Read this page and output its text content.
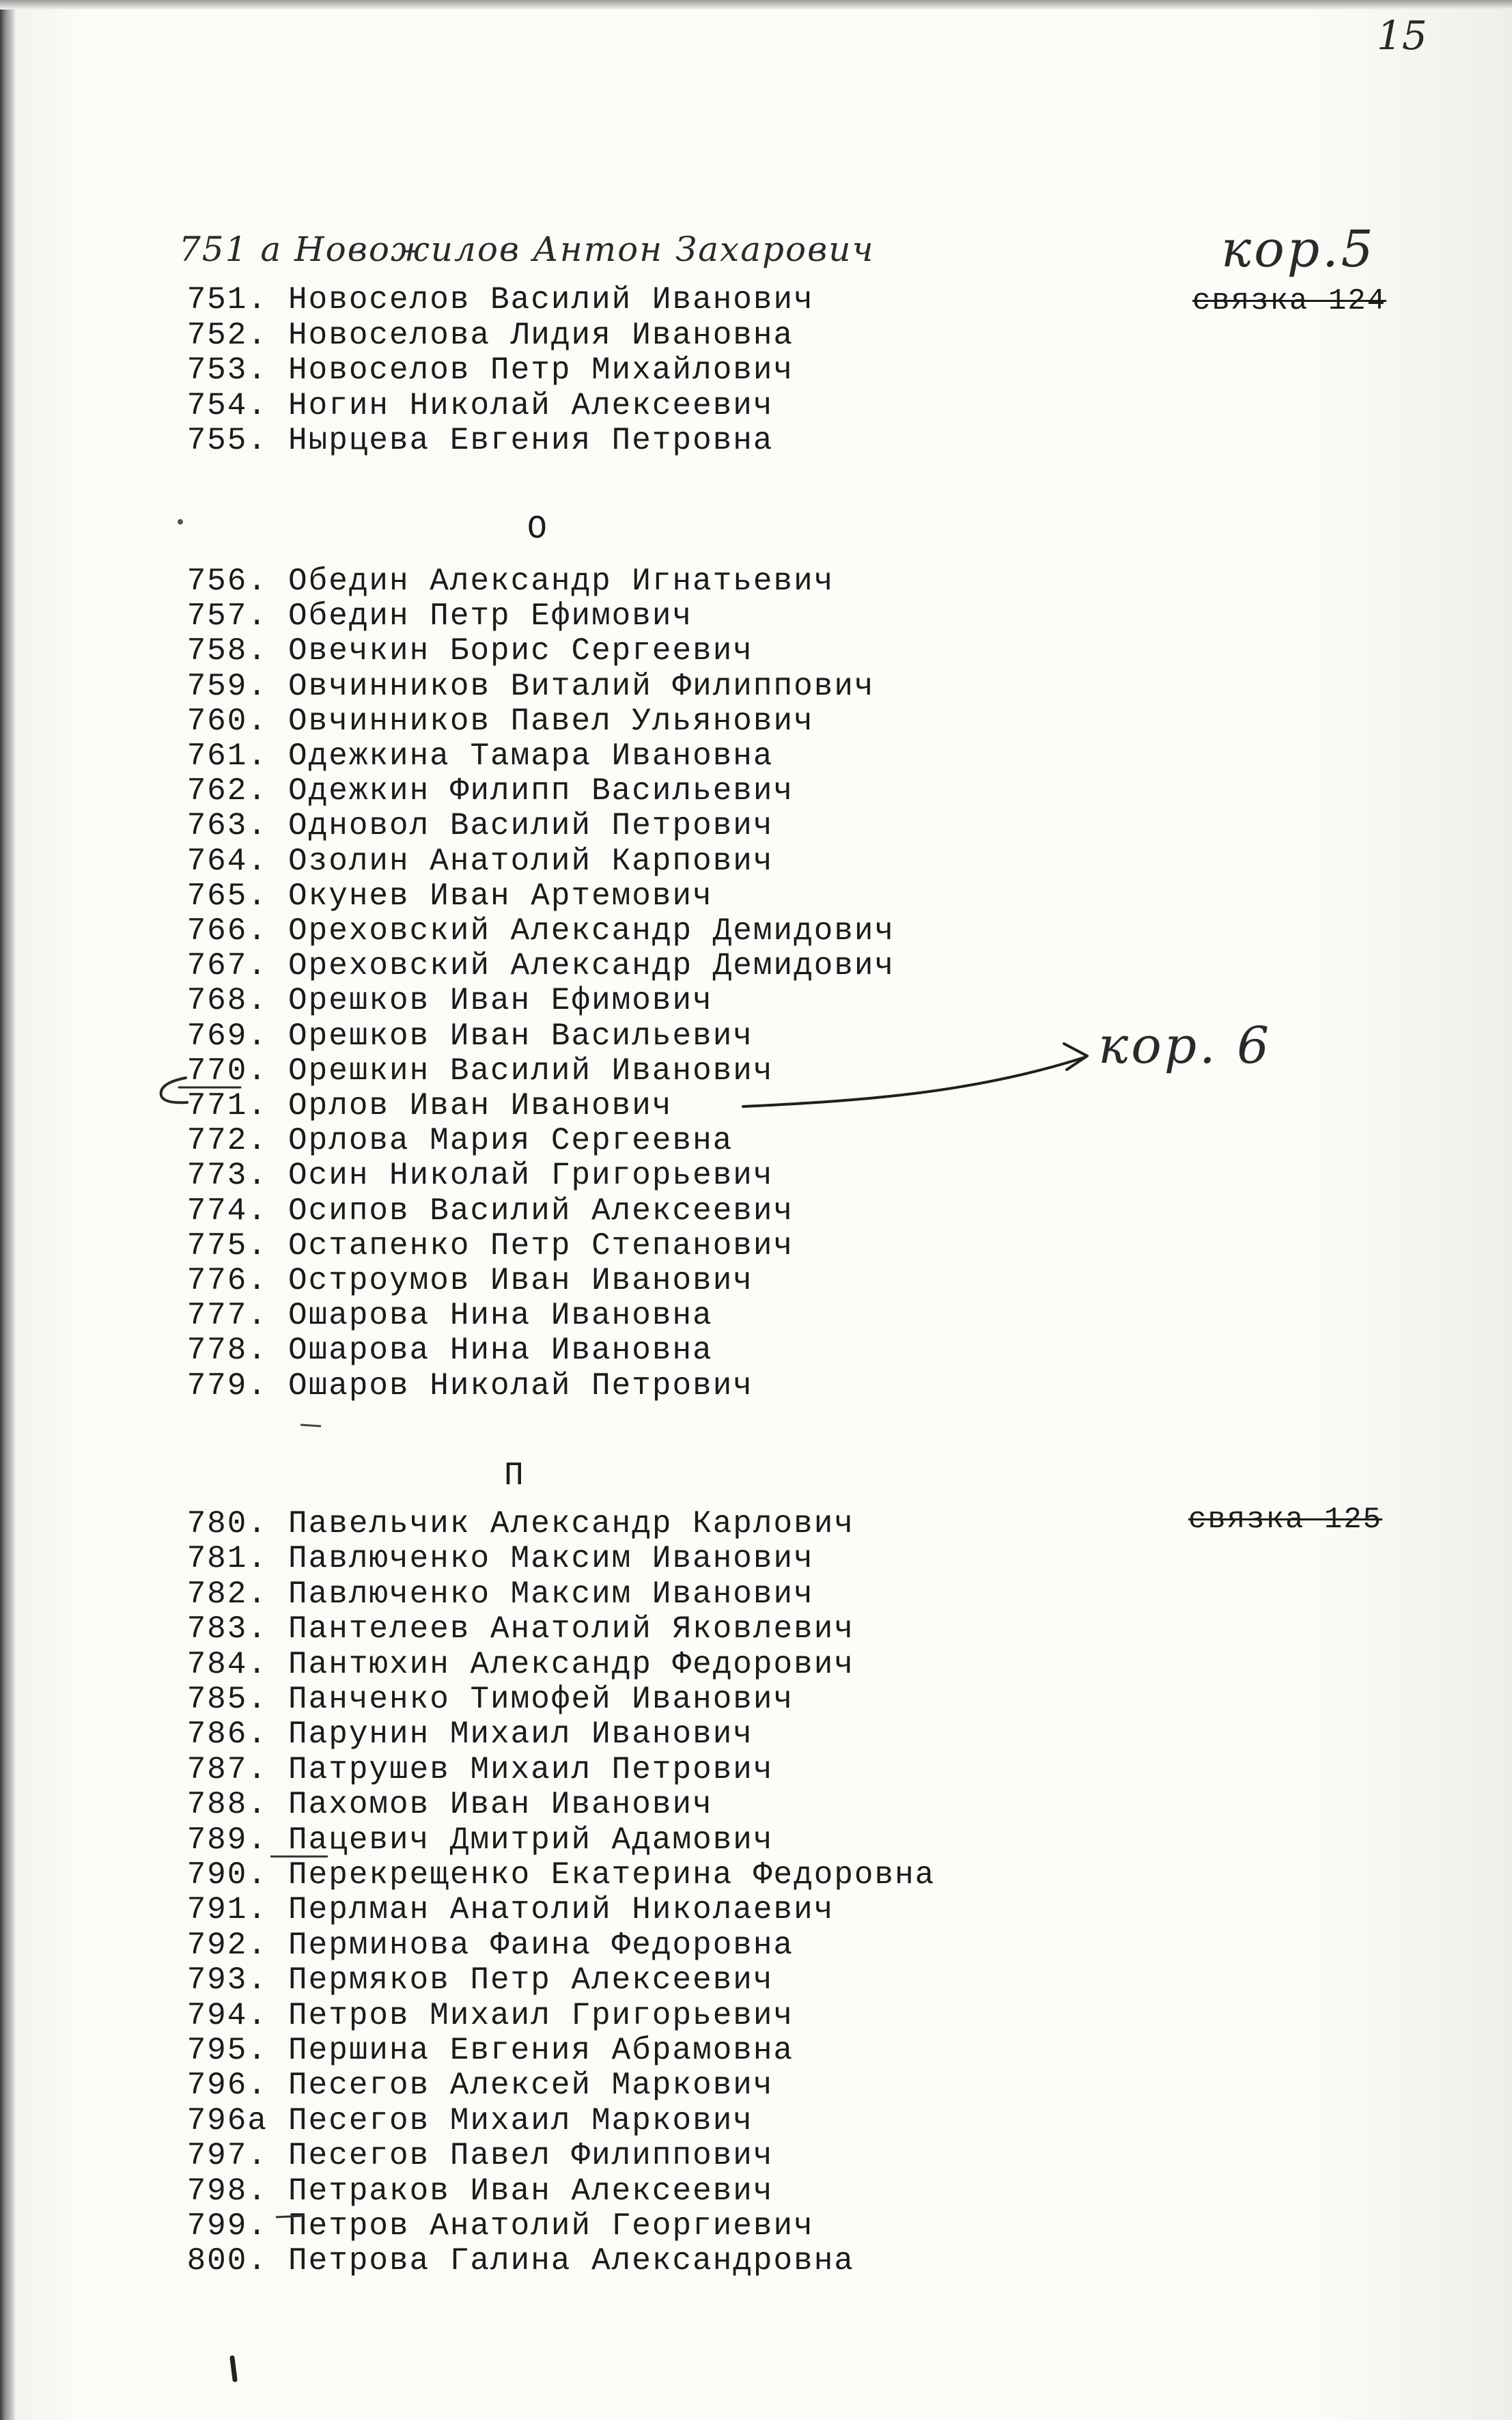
15
751 а Новожилов Антон Захарович	кор.5
кор. 6
связка 124
связка 125
О
П
751. Новоселов Василий Иванович
752. Новоселова Лидия Ивановна
753. Новоселов Петр Михайлович
754. Ногин Николай Алексеевич
755. Ныpцева Евгения Петровна
756. Обедин Александр Игнатьевич
757. Обедин Петр Ефимович
758. Овечкин Борис Сергеевич
759. Овчинников Виталий Филиппович
760. Овчинников Павел Ульянович
761. Одежкина Тамара Ивановна
762. Одежкин Филипп Васильевич
763. Одновол Василий Петрович
764. Озолин Анатолий Карпович
765. Окунев Иван Артемович
766. Ореховский Александр Демидович
767. Ореховский Александр Демидович
768. Орешков Иван Ефимович
769. Орешков Иван Васильевич
770. Орешкин Василий Иванович
771. Орлов Иван Иванович
772. Орлова Мария Сергеевна
773. Осин Николай Григорьевич
774. Осипов Василий Алексеевич
775. Остапенко Петр Степанович
776. Остроумов Иван Иванович
777. Ошарова Нина Ивановна
778. Ошарова Нина Ивановна
779. Ошаров Николай Петрович
780. Павельчик Александр Карлович
781. Павлюченко Максим Иванович
782. Павлюченко Максим Иванович
783. Пантелеев Анатолий Яковлевич
784. Пантюхин Александр Федорович
785. Панченко Тимофей Иванович
786. Парунин Михаил Иванович
787. Патрушев Михаил Петрович
788. Пахомов Иван Иванович
789. Пацевич Дмитрий Адамович
790. Перекрещенко Екатерина Федоровна
791. Перлман Анатолий Николаевич
792. Перминова Фаина Федоровна
793. Пермяков Петр Алексеевич
794. Петров Михаил Григорьевич
795. Першина Евгения Абрамовна
796. Песегов Алексей Маркович
796а Песегов Михаил Маркович
797. Песегов Павел Филиппович
798. Петраков Иван Алексеевич
799. Петров Анатолий Георгиевич
800. Петрова Галина Александровна
